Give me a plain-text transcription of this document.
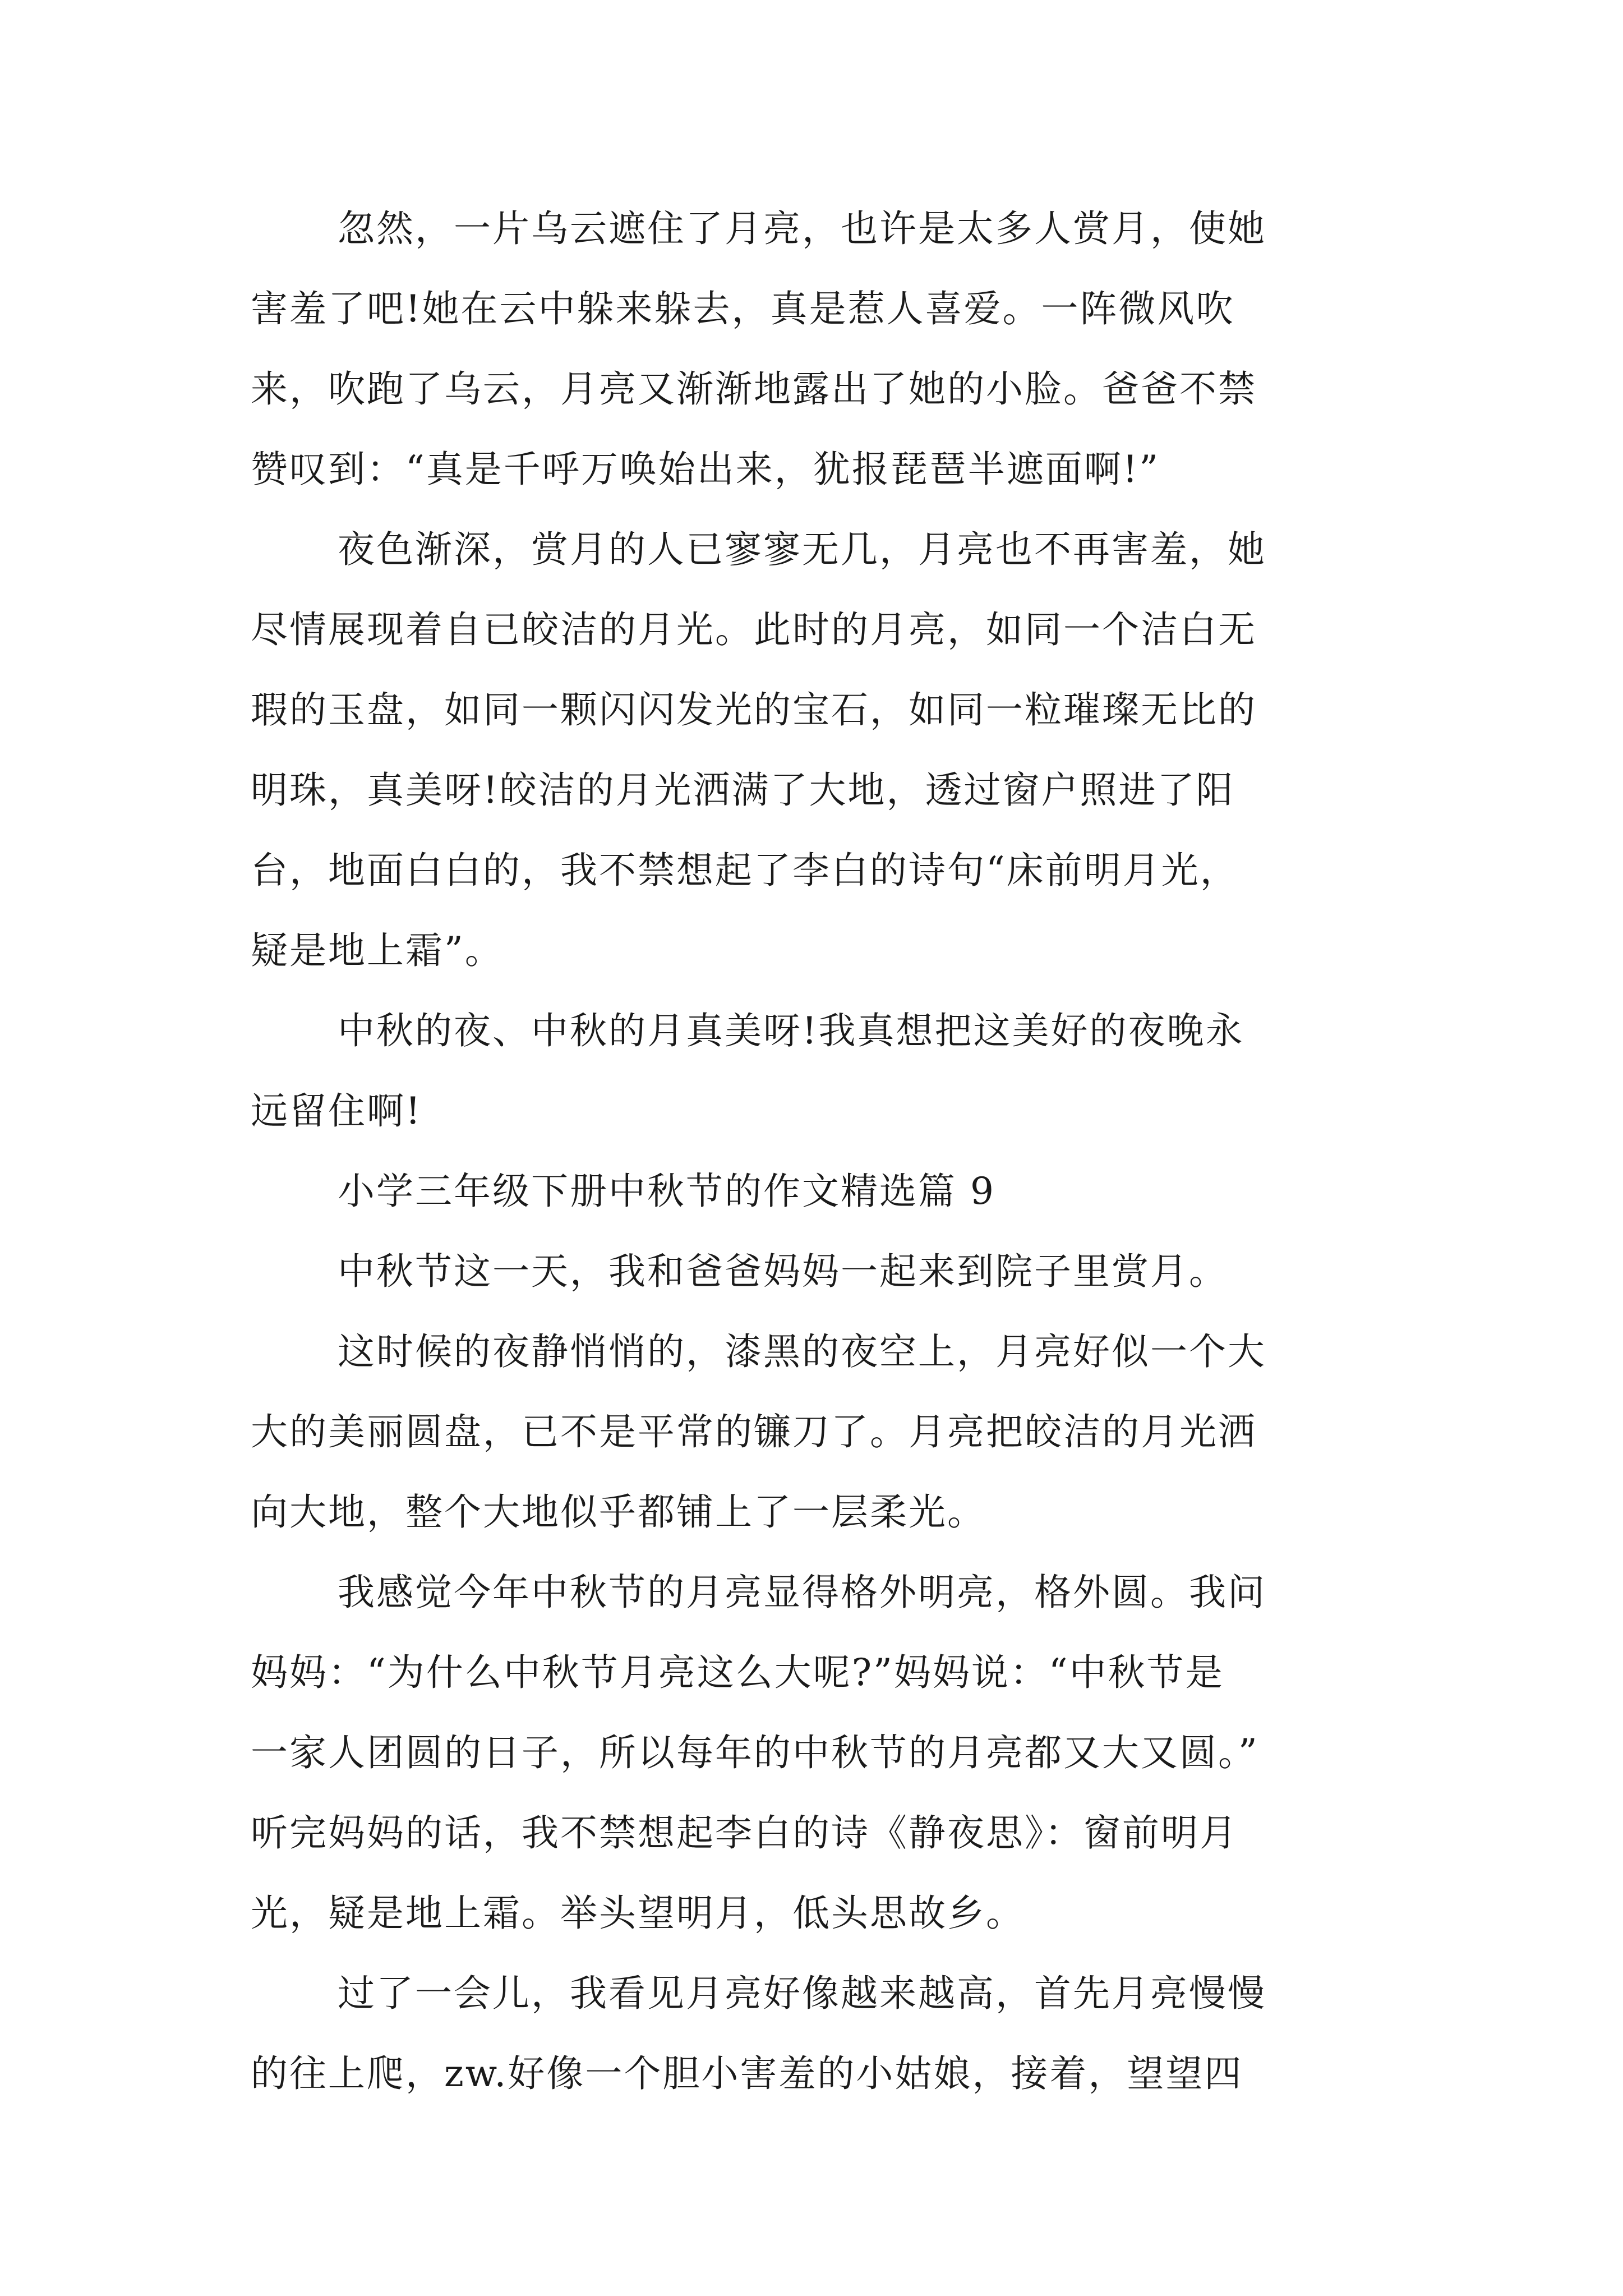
忽然，一片乌云遮住了月亮，也许是太多人赏月，使她

害羞了吧!她在云中躲来躲去，真是惹人喜爱。一阵微风吹

来，吹跑了乌云，月亮又渐渐地露出了她的小脸。爸爸不禁

赞叹到：“真是千呼万唤始出来，犹报琵琶半遮面啊!”

夜色渐深，赏月的人已寥寥无几，月亮也不再害羞，她

尽情展现着自已皎洁的月光。此时的月亮，如同一个洁白无

瑕的玉盘，如同一颗闪闪发光的宝石，如同一粒璀璨无比的

明珠，真美呀!皎洁的月光洒满了大地，透过窗户照进了阳

台，地面白白的，我不禁想起了李白的诗句“床前明月光，

疑是地上霜”。

中秋的夜、中秋的月真美呀!我真想把这美好的夜晚永

远留住啊!

小学三年级下册中秋节的作文精选篇 9

中秋节这一天，我和爸爸妈妈一起来到院子里赏月。

这时候的夜静悄悄的，漆黑的夜空上，月亮好似一个大

大的美丽圆盘，已不是平常的镰刀了。月亮把皎洁的月光洒

向大地，整个大地似乎都铺上了一层柔光。

我感觉今年中秋节的月亮显得格外明亮，格外圆。我问

妈妈：“为什么中秋节月亮这么大呢?”妈妈说：“中秋节是

一家人团圆的日子，所以每年的中秋节的月亮都又大又圆。”

听完妈妈的话，我不禁想起李白的诗《静夜思》：窗前明月

光，疑是地上霜。举头望明月，低头思故乡。

过了一会儿，我看见月亮好像越来越高，首先月亮慢慢

的往上爬，zw.好像一个胆小害羞的小姑娘，接着，望望四
